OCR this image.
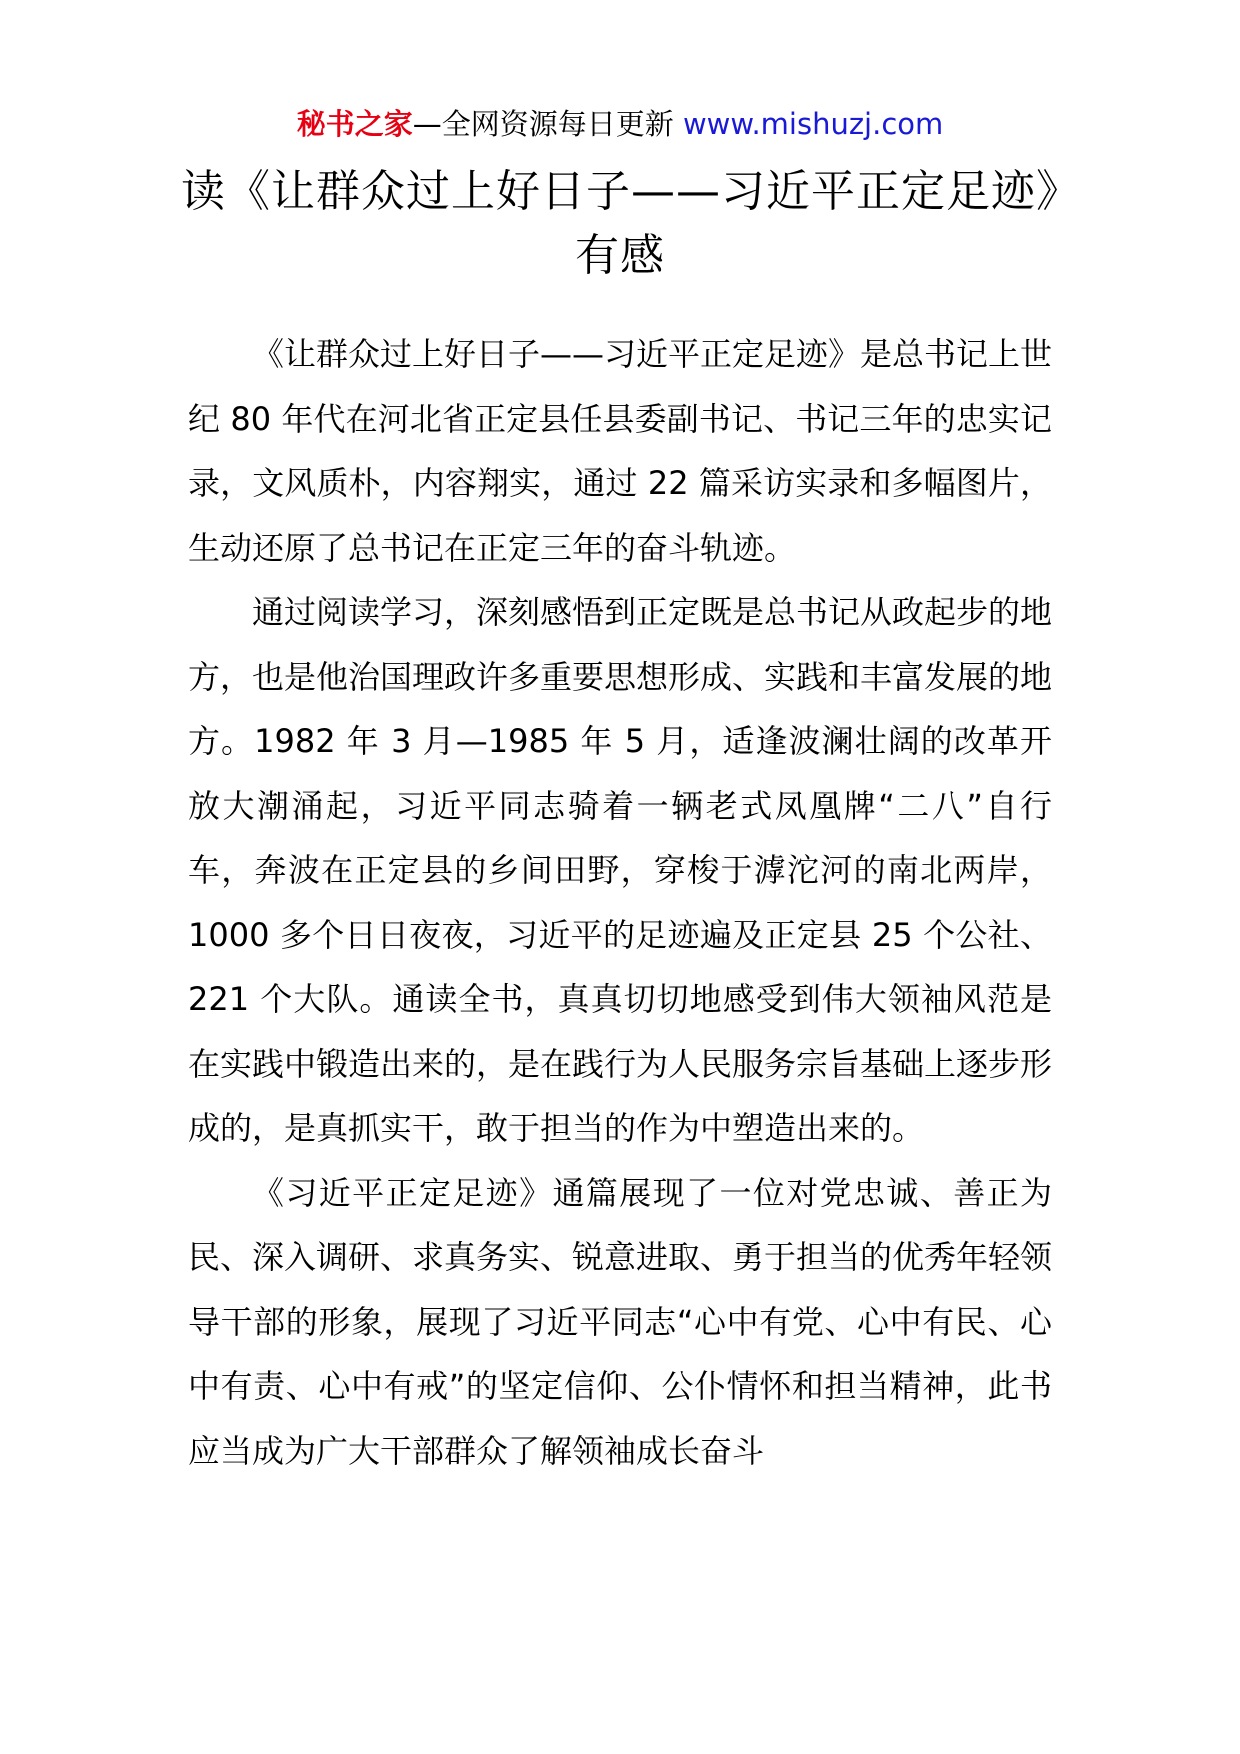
秘书之家—全网资源每日更新 www.mishuzj.com
读《让群众过上好日子——习近平正定足迹》有感

《让群众过上好日子——习近平正定足迹》是总书记上世纪 80 年代在河北省正定县任县委副书记、书记三年的忠实记录，文风质朴，内容翔实，通过 22 篇采访实录和多幅图片，生动还原了总书记在正定三年的奋斗轨迹。

通过阅读学习，深刻感悟到正定既是总书记从政起步的地方，也是他治国理政许多重要思想形成、实践和丰富发展的地方。1982 年 3 月—1985 年 5 月，适逢波澜壮阔的改革开放大潮涌起，习近平同志骑着一辆老式凤凰牌“二八”自行车，奔波在正定县的乡间田野，穿梭于滹沱河的南北两岸，1000 多个日日夜夜，习近平的足迹遍及正定县 25 个公社、221 个大队。通读全书，真真切切地感受到伟大领袖风范是在实践中锻造出来的，是在践行为人民服务宗旨基础上逐步形成的，是真抓实干，敢于担当的作为中塑造出来的。

《习近平正定足迹》通篇展现了一位对党忠诚、善正为民、深入调研、求真务实、锐意进取、勇于担当的优秀年轻领导干部的形象，展现了习近平同志“心中有党、心中有民、心中有责、心中有戒”的坚定信仰、公仆情怀和担当精神，此书应当成为广大干部群众了解领袖成长奋斗
